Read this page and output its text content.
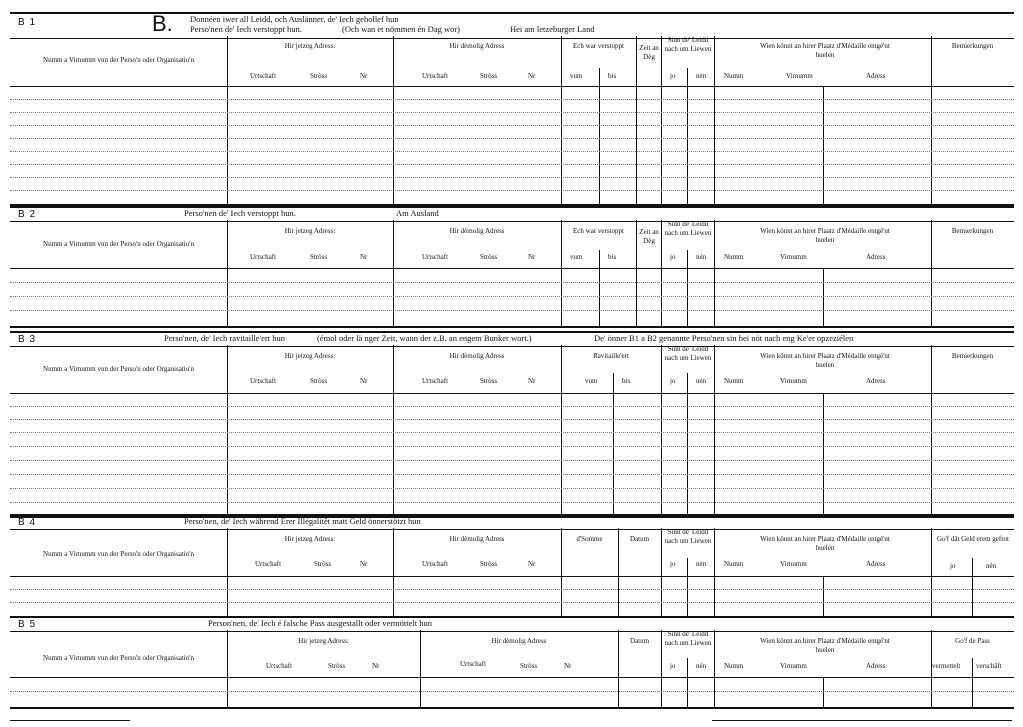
B 1	B. Donnéen iwer all Leidd, och Auslänner, de' Iech gehollef hun
Perso'nen de' Iech verstoppt hun.	(Och wan et nömmen én Dag wor)	Hei am letzeburger Land
Numm a Virnumm vun der Perso'n oder Organisatio'n
Hir jetzeg Adress:
Urtschaft	Stròss	Nr
Hir dèmolig Adress
Urtschaft	Stròss	Nr
Ech war verstoppt
vum	bis
Zeit an Dèg
Sinn de' Leidd nach um Liewen
jo	nén
Wien könnt an hirer Plaatz d'Médaille entgé'nt huelen
Numm	Virnumm	Adress
Bemierkungen
B 2	Perso'nen de' Iech verstoppt hun.	Am Ausland
Numm a Virnumm vun der Perso'n oder Organisatio'n
Hir jetzeg Adress:
Urtschaft	Stròss	Nr
Hir dèmolig Adress
Urtschaft	Stròss	Nr
Ech war verstoppt
vum	bis
Zeit an Dèg
Sinn de' Leidd nach um Liewen
jo	nén
Wien könnt an hirer Plaatz d'Médaille entgé'nt huelen
Numm	Virnumm	Adress
Bemierkungen
B 3	Perso'nen, de' Iech ravitaille'ert hun	(émol oder lä nger Zeit, wann der z.B. an engem Bunker wort.)	De' önner B1 a B2 genannte Perso'nen sin hei nöt nach eng Ke'er opzeziélen
Numm a Virnumm vun der Perso'n oder Organisatio'n
Hir jetzeg Adress:
Urtschaft	Stròss	Nr
Hir dèmolig Adress
Urtschaft	Stròss	Nr
Ravitaille'ert
vum	bis
Sinn de' Leidd nach um Liewen
jo	nén
Wien könnt an hirer Plaatz d'Médaille entgé'nt huelen
Numm	Virnumm	Adress
Bemierkungen
B 4	Perso'nen, de' Iech während Erer Illégalitêt matt Geld önnerstötzt hun
Numm a Virnumm vun der Perso'n oder Organisatio'n
Hir jetzeg Adress:
Urtschaft	Stròss	Nr
Hir dèmolig Adress
Urtschaft	Stròss	Nr
d'Somme	Datum
Sinn de' Leidd nach um Liewen
jo	nén
Wien könnt an hirer Plaatz d'Médaille entgé'nt huelen
Numm	Virnumm	Adress
Go'f dât Geld erem gefrot
jo	nén
B 5	Person'nen, de' Iech é falsche Pass ausgestallt oder vermöttelt hun
Numm a Virnumm vun der Perso'n oder Organisatio'n
Hir jetzeg Adress:
Urtschaft	Stròss	Nr
Hir dèmolig Adress
Urtschaft	Stròss	Nr
Datum
Sinn de' Leidd nach um Liewen
jo	nén
Wien könnt an hirer Plaatz d'Médaille entgé'nt huelen
Numm	Virnumm	Adress
Go'f de Pass
vermettelt verschâft
